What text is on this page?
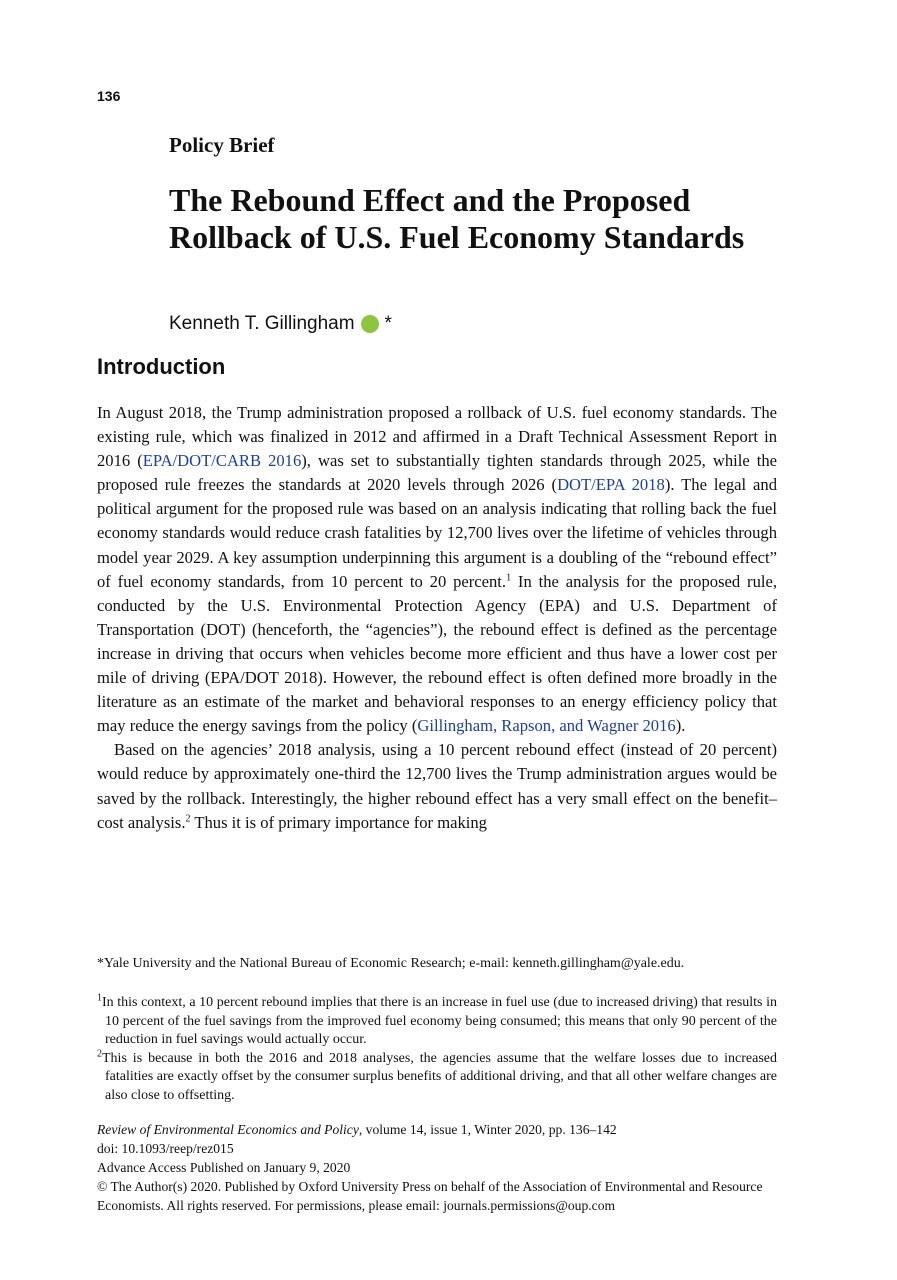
136
Policy Brief
The Rebound Effect and the Proposed Rollback of U.S. Fuel Economy Standards
Kenneth T. Gillingham *
Introduction

In August 2018, the Trump administration proposed a rollback of U.S. fuel economy standards. The existing rule, which was finalized in 2012 and affirmed in a Draft Technical Assessment Report in 2016 (EPA/DOT/CARB 2016), was set to substantially tighten standards through 2025, while the proposed rule freezes the standards at 2020 levels through 2026 (DOT/EPA 2018). The legal and political argument for the proposed rule was based on an analysis indicating that rolling back the fuel economy standards would reduce crash fatalities by 12,700 lives over the lifetime of vehicles through model year 2029. A key assumption underpinning this argument is a doubling of the “rebound effect” of fuel economy standards, from 10 percent to 20 percent.$^1$ In the analysis for the proposed rule, conducted by the U.S. Environmental Protection Agency (EPA) and U.S. Department of Transportation (DOT) (henceforth, the “agencies”), the rebound effect is defined as the percentage increase in driving that occurs when vehicles become more efficient and thus have a lower cost per mile of driving (EPA/DOT 2018). However, the rebound effect is often defined more broadly in the literature as an estimate of the market and behavioral responses to an energy efficiency policy that may reduce the energy savings from the policy (Gillingham, Rapson, and Wagner 2016).

Based on the agencies’ 2018 analysis, using a 10 percent rebound effect (instead of 20 percent) would reduce by approximately one-third the 12,700 lives the Trump administration argues would be saved by the rollback. Interestingly, the higher rebound effect has a very small effect on the benefit–cost analysis.$^2$ Thus it is of primary importance for making

*Yale University and the National Bureau of Economic Research; e-mail: kenneth.gillingham@yale.edu.

$^1$In this context, a 10 percent rebound implies that there is an increase in fuel use (due to increased driving) that results in 10 percent of the fuel savings from the improved fuel economy being consumed; this means that only 90 percent of the reduction in fuel savings would actually occur.

$^2$This is because in both the 2016 and 2018 analyses, the agencies assume that the welfare losses due to increased fatalities are exactly offset by the consumer surplus benefits of additional driving, and that all other welfare changes are also close to offsetting.

Review of Environmental Economics and Policy, volume 14, issue 1, Winter 2020, pp. 136–142
doi: 10.1093/reep/rez015
Advance Access Published on January 9, 2020
© The Author(s) 2020. Published by Oxford University Press on behalf of the Association of Environmental and Resource Economists. All rights reserved. For permissions, please email: journals.permissions@oup.com
